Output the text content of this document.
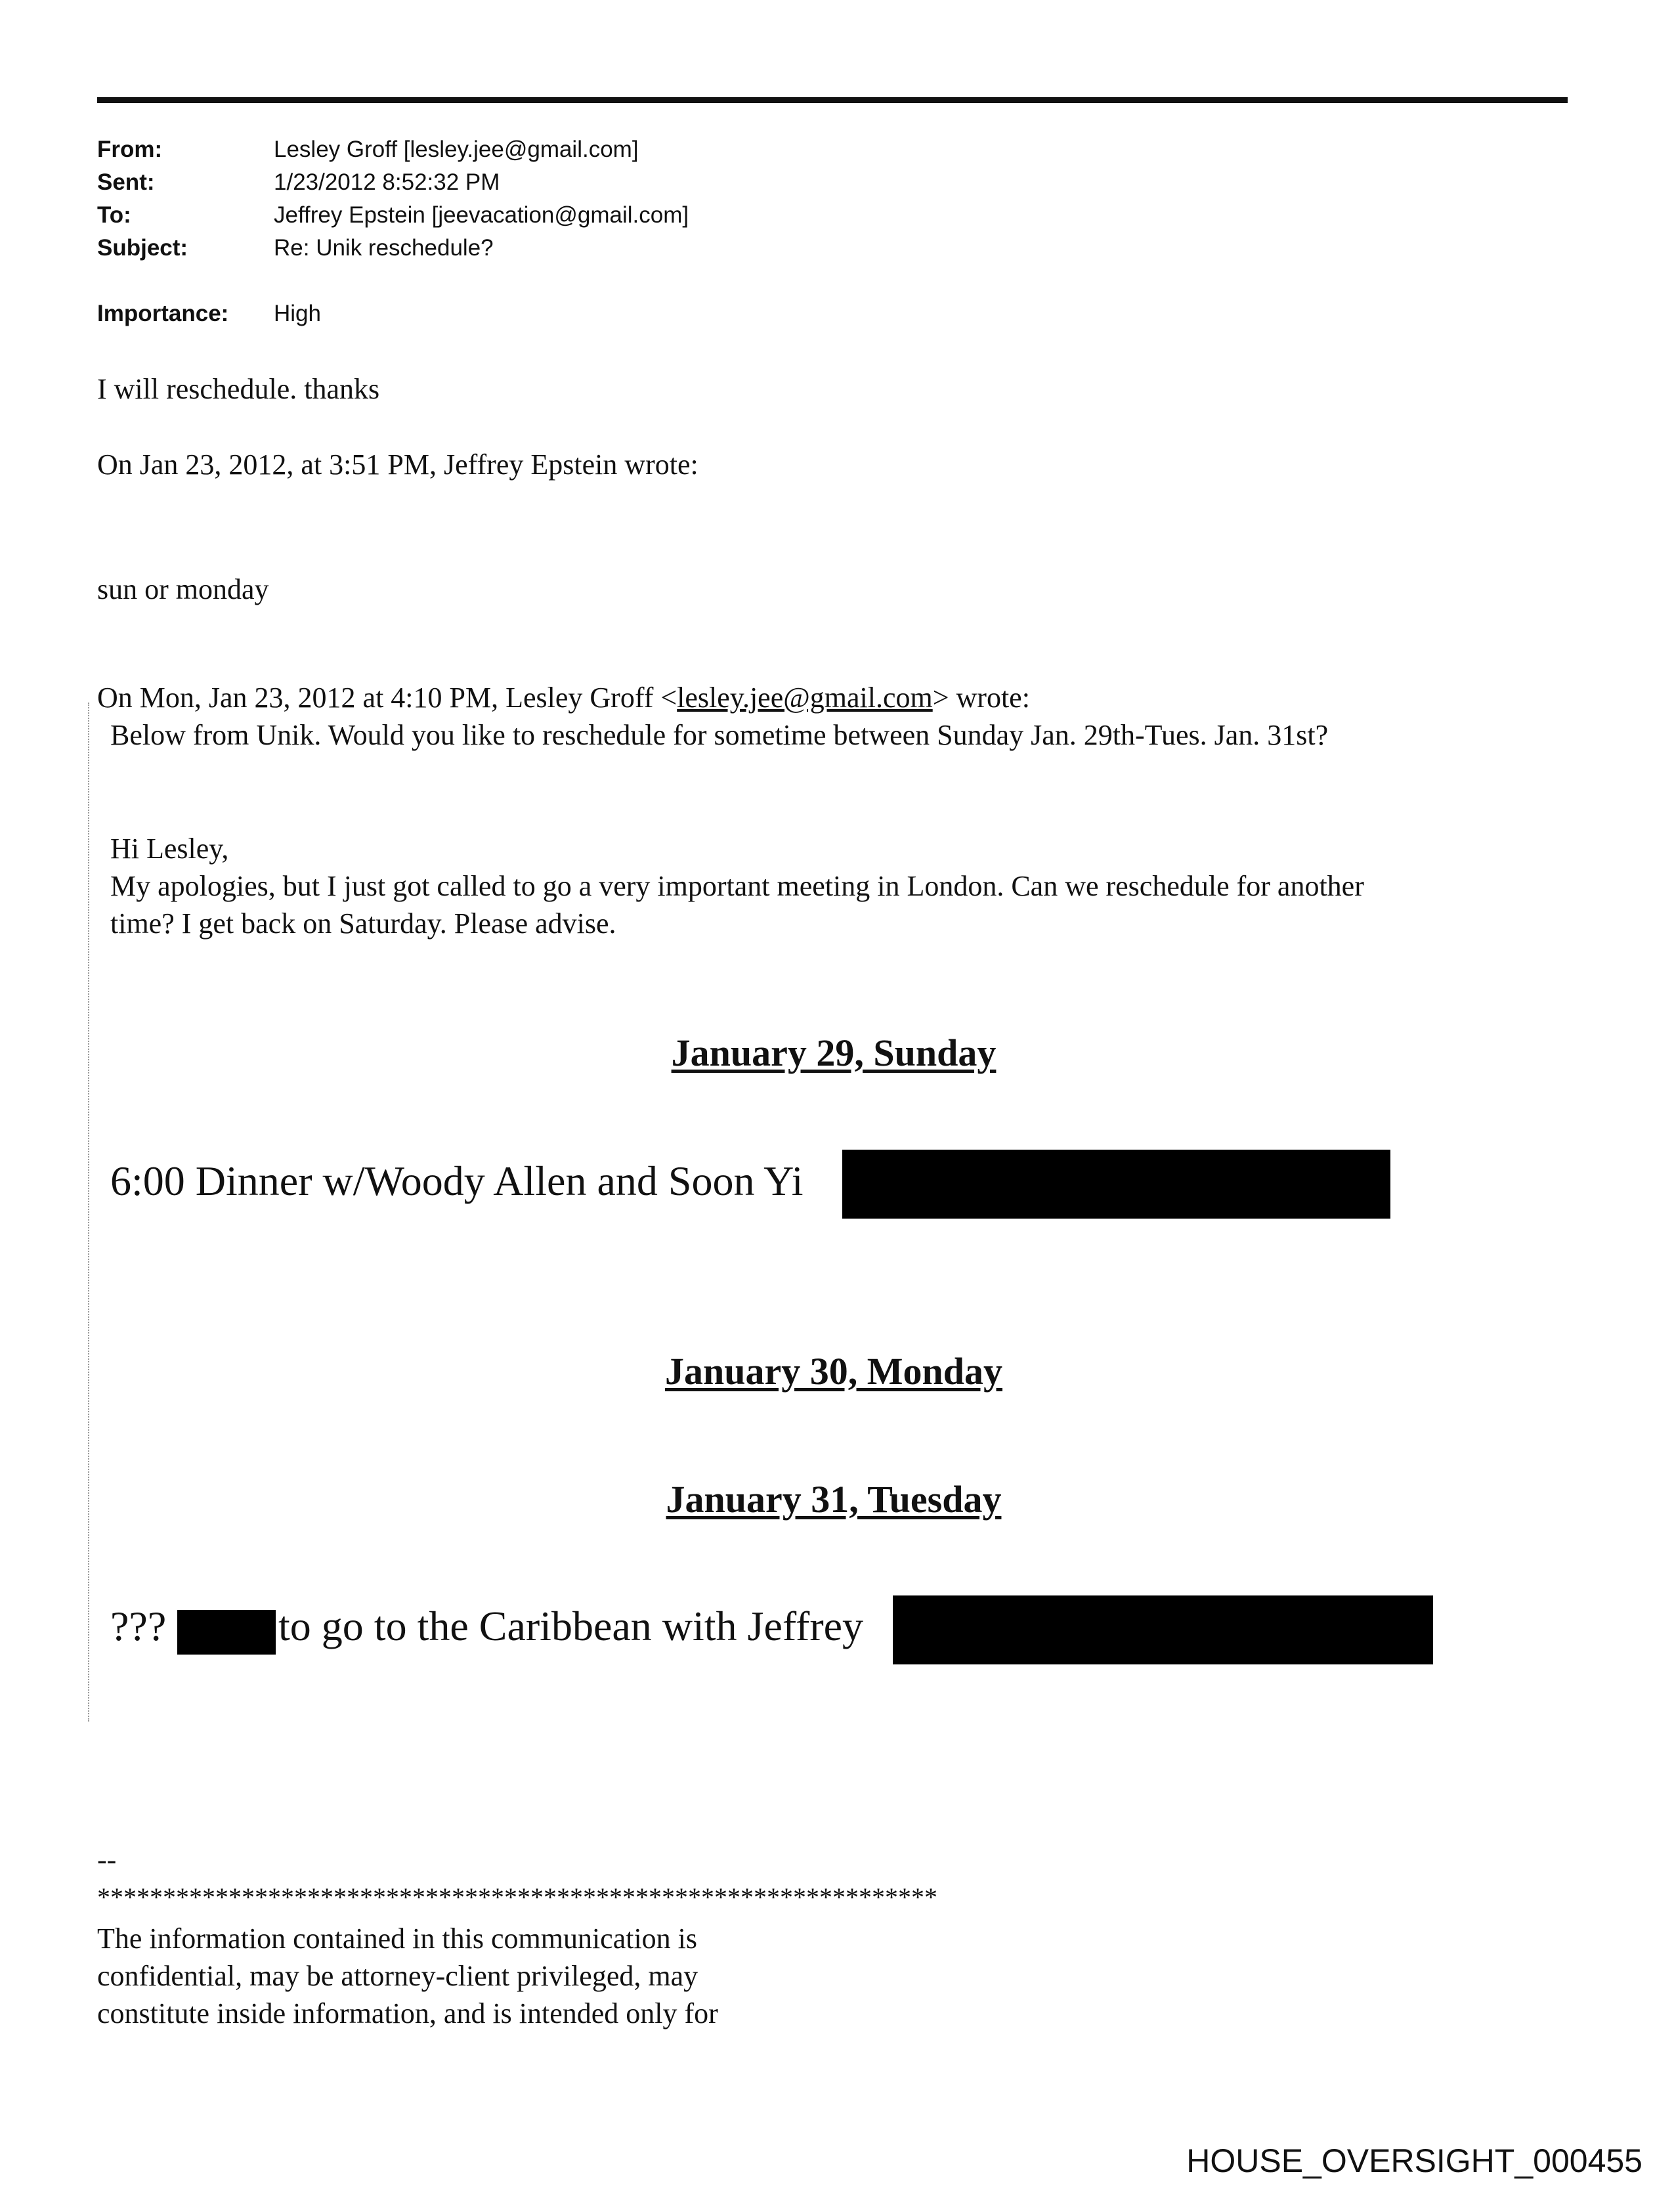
From:	Lesley Groff [lesley.jee@gmail.com]
Sent:	1/23/2012 8:52:32 PM
To:	Jeffrey Epstein [jeevacation@gmail.com]
Subject:	Re: Unik reschedule?
Importance: High
I will reschedule. thanks
On Jan 23, 2012, at 3:51 PM, Jeffrey Epstein wrote:
sun or monday
On Mon, Jan 23, 2012 at 4:10 PM, Lesley Groff <lesley.jee@gmail.com> wrote:
Below from Unik. Would you like to reschedule for sometime between Sunday Jan. 29th-Tues. Jan. 31st?
Hi Lesley,
My apologies, but I just got called to go a very important meeting in London. Can we reschedule for another
time? I get back on Saturday. Please advise.
January 29, Sunday
6:00 Dinner w/Woody Allen and Soon Yi
January 30, Monday
January 31, Tuesday
???	to go to the Caribbean with Jeffrey
--
****************************************************************
The information contained in this communication is
confidential, may be attorney-client privileged, may
constitute inside information, and is intended only for
HOUSE_OVERSIGHT_000455
